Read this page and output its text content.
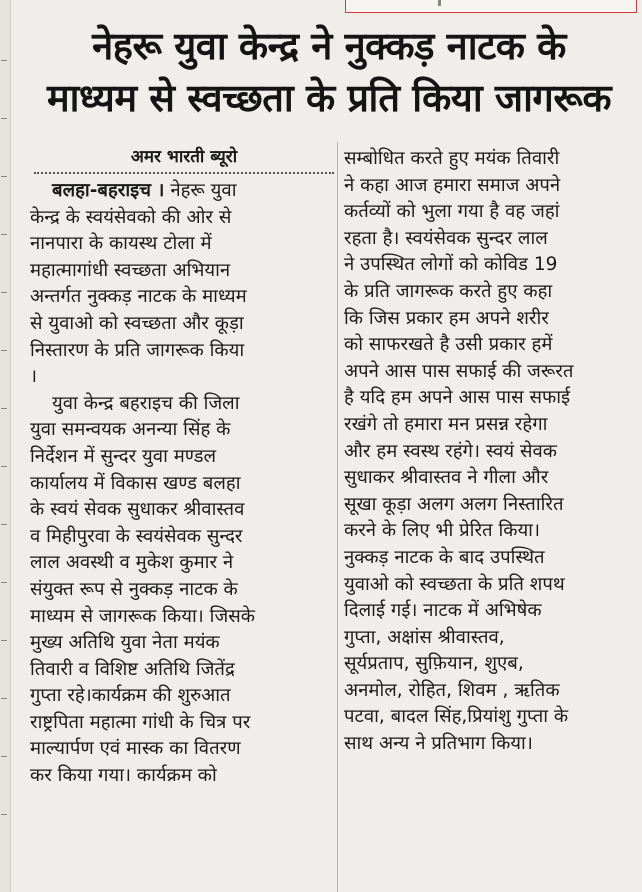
नेहरू युवा केन्द्र ने नुक्कड़ नाटक के
माध्यम से स्वच्छता के प्रति किया जागरूक
अमर भारती ब्यूरो
बलहा-बहराइच । नेहरू युवा
केन्द्र के स्वयंसेवको की ओर से
नानपारा के कायस्थ टोला में
महात्मागांधी स्वच्छता अभियान
अन्तर्गत नुक्कड़ नाटक के माध्यम
से युवाओ को स्वच्छता और कूड़ा
निस्तारण के प्रति जागरूक किया
।
युवा केन्द्र बहराइच की जिला
युवा समन्वयक अनन्या सिंह के
निर्देशन में सुन्दर युवा मण्डल
कार्यालय में विकास खण्ड बलहा
के स्वयं सेवक सुधाकर श्रीवास्तव
व मिहीपुरवा के स्वयंसेवक सुन्दर
लाल अवस्थी व मुकेश कुमार ने
संयुक्त रूप से नुक्कड़ नाटक के
माध्यम से जागरूक किया। जिसके
मुख्य अतिथि युवा नेता मयंक
तिवारी व विशिष्ट अतिथि जितेंद्र
गुप्ता रहे।कार्यक्रम की शुरुआत
राष्ट्रपिता महात्मा गांधी के चित्र पर
माल्यार्पण एवं मास्क का वितरण
कर किया गया। कार्यक्रम को
सम्बोधित करते हुए मयंक तिवारी
ने कहा आज हमारा समाज अपने
कर्तव्यों को भुला गया है वह जहां
रहता है। स्वयंसेवक सुन्दर लाल
ने उपस्थित लोगों को कोविड 19
के प्रति जागरूक करते हुए कहा
कि जिस प्रकार हम अपने शरीर
को साफरखते है उसी प्रकार हमें
अपने आस पास सफाई की जरूरत
है यदि हम अपने आस पास सफाई
रखंगे तो हमारा मन प्रसन्न रहेगा
और हम स्वस्थ रहंगे। स्वयं सेवक
सुधाकर श्रीवास्तव ने गीला और
सूखा कूड़ा अलग अलग निस्तारित
करने के लिए भी प्रेरित किया।
नुक्कड़ नाटक के बाद उपस्थित
युवाओ को स्वच्छता के प्रति शपथ
दिलाई गई। नाटक में अभिषेक
गुप्ता, अक्षांस श्रीवास्तव,
सूर्यप्रताप, सुफ़ियान, शुएब,
अनमोल, रोहित, शिवम , ऋतिक
पटवा, बादल सिंह,प्रियांशु गुप्ता के
साथ अन्य ने प्रतिभाग किया।
